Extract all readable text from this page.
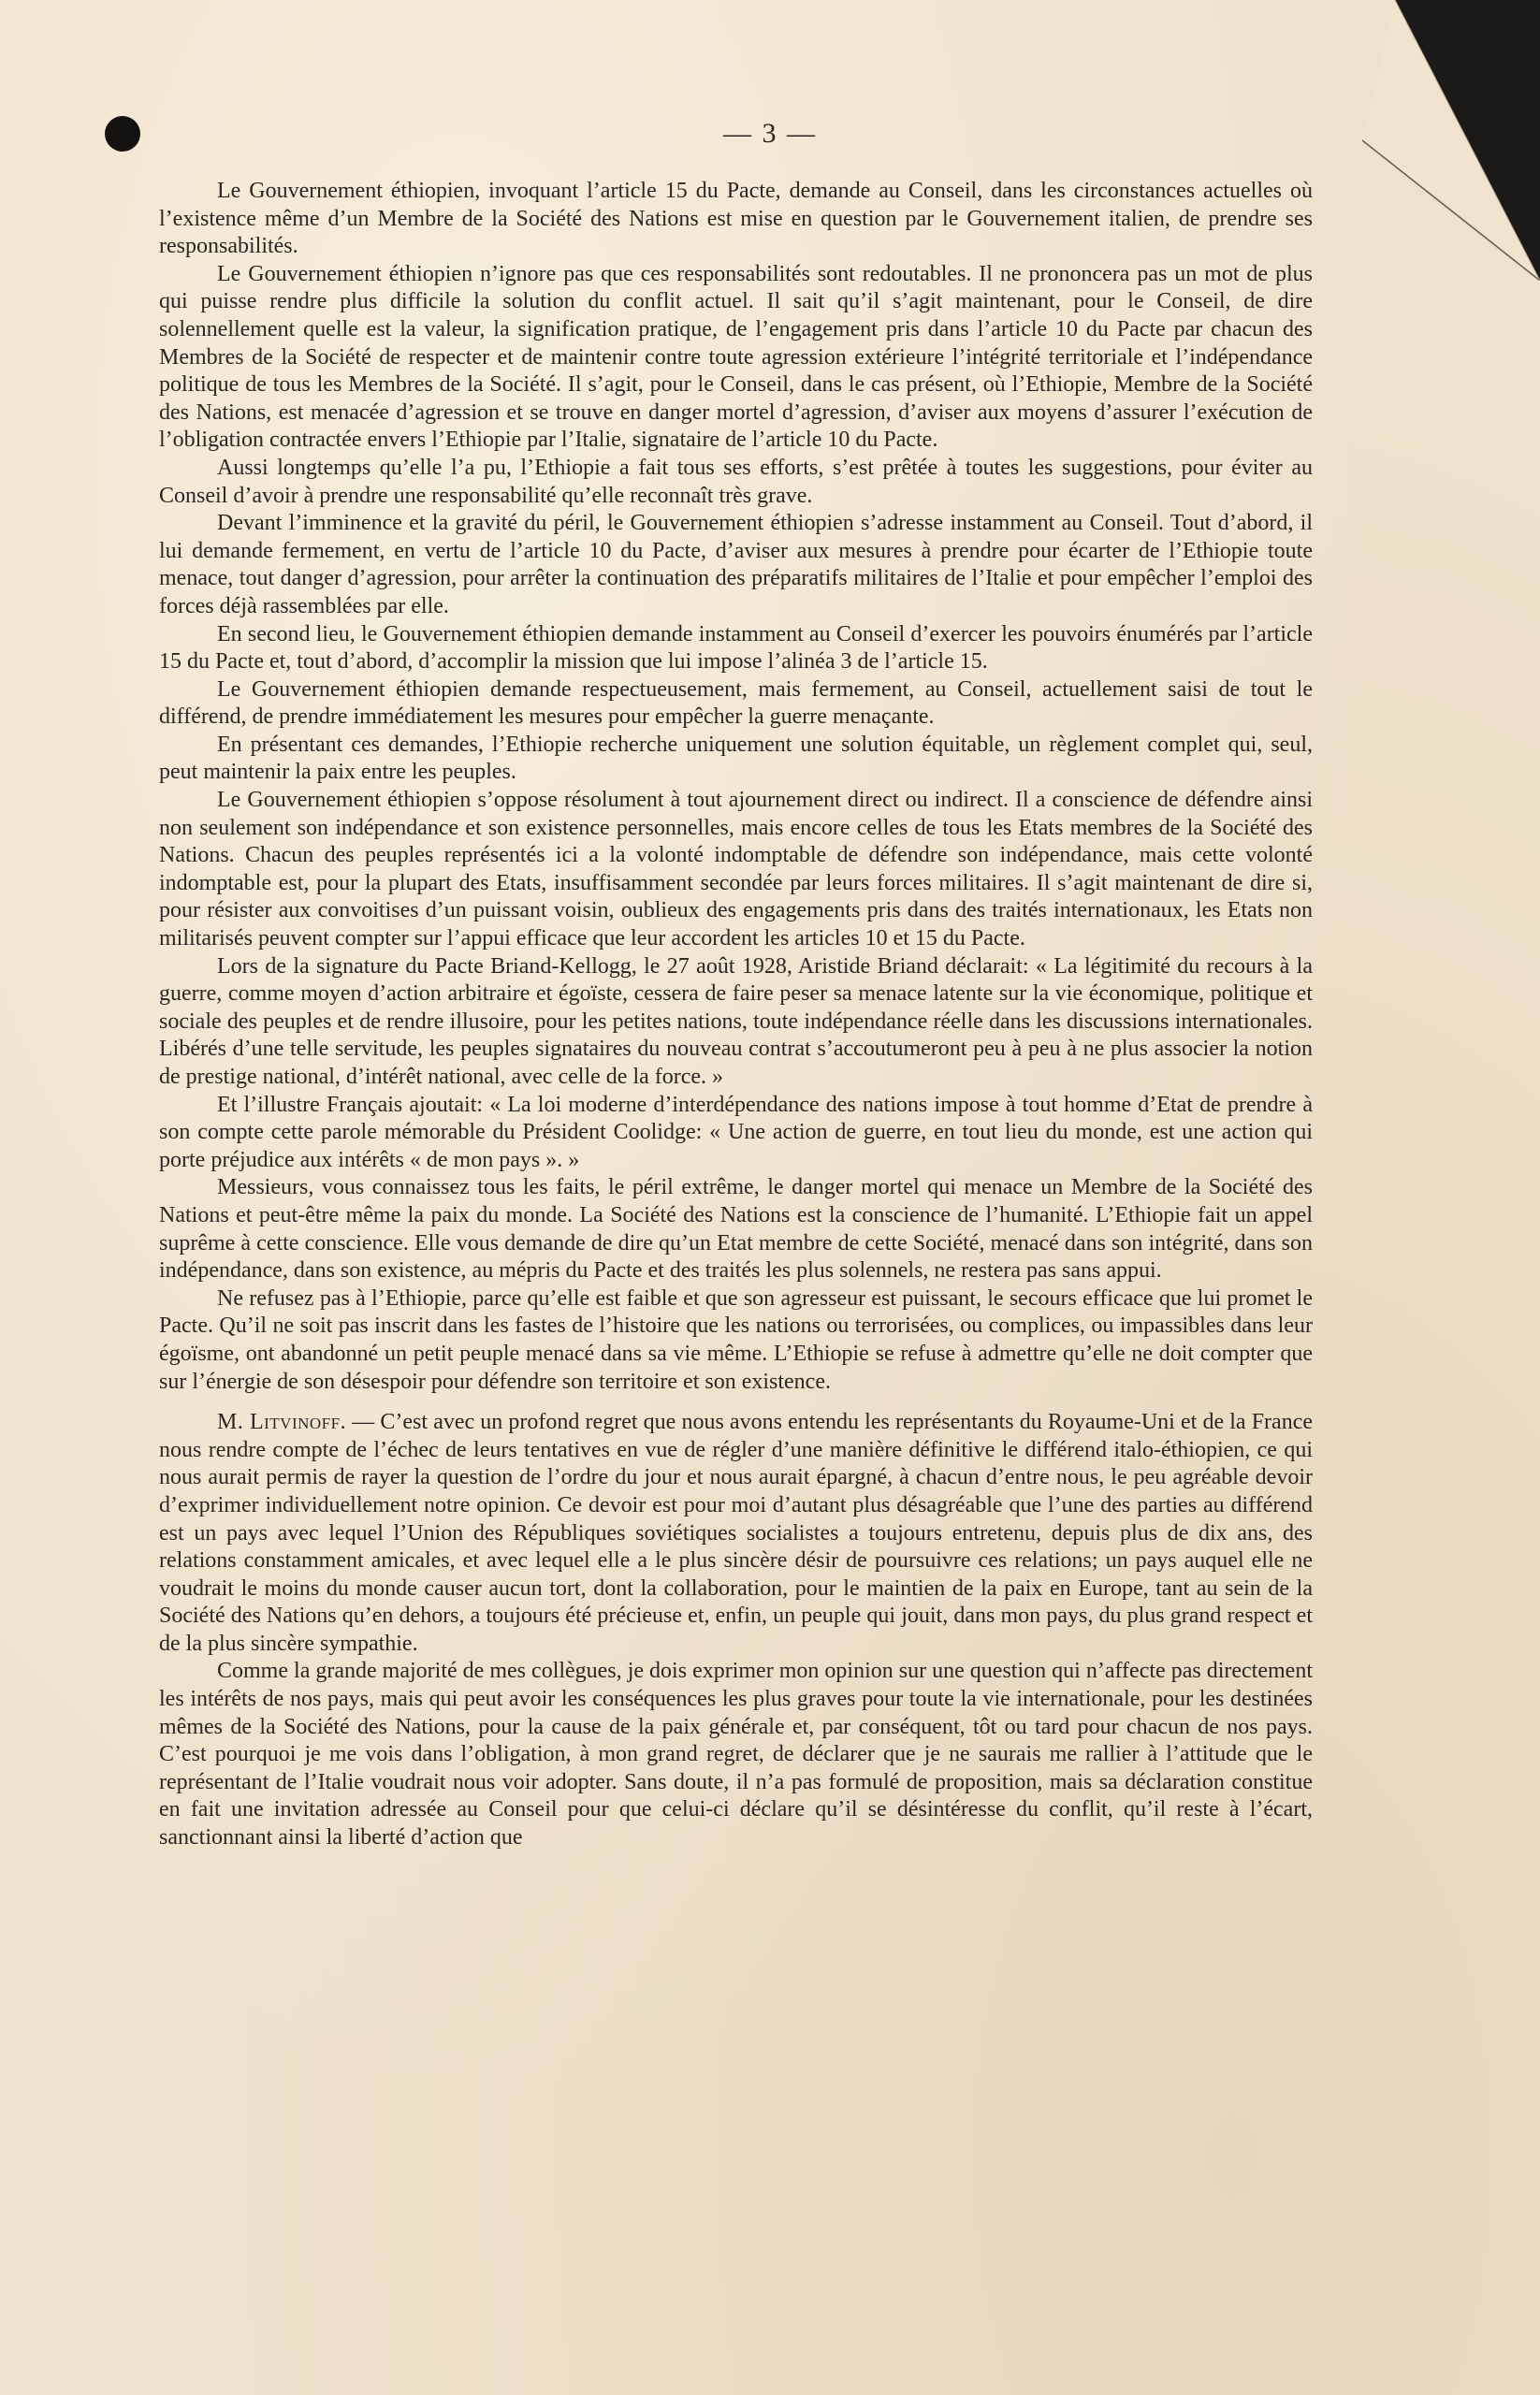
— 3 —

Le Gouvernement éthiopien, invoquant l’article 15 du Pacte, demande au Conseil, dans les circonstances actuelles où l’existence même d’un Membre de la Société des Nations est mise en question par le Gouvernement italien, de prendre ses responsabilités.

Le Gouvernement éthiopien n’ignore pas que ces responsabilités sont redoutables. Il ne prononcera pas un mot de plus qui puisse rendre plus difficile la solution du conflit actuel. Il sait qu’il s’agit maintenant, pour le Conseil, de dire solennellement quelle est la valeur, la signification pratique, de l’engagement pris dans l’article 10 du Pacte par chacun des Membres de la Société de respecter et de maintenir contre toute agression extérieure l’intégrité territoriale et l’indépendance politique de tous les Membres de la Société. Il s’agit, pour le Conseil, dans le cas présent, où l’Ethiopie, Membre de la Société des Nations, est menacée d’agression et se trouve en danger mortel d’agression, d’aviser aux moyens d’assurer l’exécution de l’obligation contractée envers l’Ethiopie par l’Italie, signataire de l’article 10 du Pacte.

Aussi longtemps qu’elle l’a pu, l’Ethiopie a fait tous ses efforts, s’est prêtée à toutes les suggestions, pour éviter au Conseil d’avoir à prendre une responsabilité qu’elle reconnaît très grave.

Devant l’imminence et la gravité du péril, le Gouvernement éthiopien s’adresse instamment au Conseil. Tout d’abord, il lui demande fermement, en vertu de l’article 10 du Pacte, d’aviser aux mesures à prendre pour écarter de l’Ethiopie toute menace, tout danger d’agression, pour arrêter la continuation des préparatifs militaires de l’Italie et pour empêcher l’emploi des forces déjà rassemblées par elle.

En second lieu, le Gouvernement éthiopien demande instamment au Conseil d’exercer les pouvoirs énumérés par l’article 15 du Pacte et, tout d’abord, d’accomplir la mission que lui impose l’alinéa 3 de l’article 15.

Le Gouvernement éthiopien demande respectueusement, mais fermement, au Conseil, actuellement saisi de tout le différend, de prendre immédiatement les mesures pour empêcher la guerre menaçante.

En présentant ces demandes, l’Ethiopie recherche uniquement une solution équitable, un règlement complet qui, seul, peut maintenir la paix entre les peuples.

Le Gouvernement éthiopien s’oppose résolument à tout ajournement direct ou indirect. Il a conscience de défendre ainsi non seulement son indépendance et son existence personnelles, mais encore celles de tous les Etats membres de la Société des Nations. Chacun des peuples représentés ici a la volonté indomptable de défendre son indépendance, mais cette volonté indomptable est, pour la plupart des Etats, insuffisamment secondée par leurs forces militaires. Il s’agit maintenant de dire si, pour résister aux convoitises d’un puissant voisin, oublieux des engagements pris dans des traités internationaux, les Etats non militarisés peuvent compter sur l’appui efficace que leur accordent les articles 10 et 15 du Pacte.

Lors de la signature du Pacte Briand-Kellogg, le 27 août 1928, Aristide Briand déclarait: « La légitimité du recours à la guerre, comme moyen d’action arbitraire et égoïste, cessera de faire peser sa menace latente sur la vie économique, politique et sociale des peuples et de rendre illusoire, pour les petites nations, toute indépendance réelle dans les discussions internationales. Libérés d’une telle servitude, les peuples signataires du nouveau contrat s’accoutumeront peu à peu à ne plus associer la notion de prestige national, d’intérêt national, avec celle de la force. »

Et l’illustre Français ajoutait: « La loi moderne d’interdépendance des nations impose à tout homme d’Etat de prendre à son compte cette parole mémorable du Président Coolidge: « Une action de guerre, en tout lieu du monde, est une action qui porte préjudice aux intérêts « de mon pays ». »

Messieurs, vous connaissez tous les faits, le péril extrême, le danger mortel qui menace un Membre de la Société des Nations et peut-être même la paix du monde. La Société des Nations est la conscience de l’humanité. L’Ethiopie fait un appel suprême à cette conscience. Elle vous demande de dire qu’un Etat membre de cette Société, menacé dans son intégrité, dans son indépendance, dans son existence, au mépris du Pacte et des traités les plus solennels, ne restera pas sans appui.

Ne refusez pas à l’Ethiopie, parce qu’elle est faible et que son agresseur est puissant, le secours efficace que lui promet le Pacte. Qu’il ne soit pas inscrit dans les fastes de l’histoire que les nations ou terrorisées, ou complices, ou impassibles dans leur égoïsme, ont abandonné un petit peuple menacé dans sa vie même. L’Ethiopie se refuse à admettre qu’elle ne doit compter que sur l’énergie de son désespoir pour défendre son territoire et son existence.

M. Litvinoff. — C’est avec un profond regret que nous avons entendu les représentants du Royaume-Uni et de la France nous rendre compte de l’échec de leurs tentatives en vue de régler d’une manière définitive le différend italo-éthiopien, ce qui nous aurait permis de rayer la question de l’ordre du jour et nous aurait épargné, à chacun d’entre nous, le peu agréable devoir d’exprimer individuellement notre opinion. Ce devoir est pour moi d’autant plus désagréable que l’une des parties au différend est un pays avec lequel l’Union des Républiques soviétiques socialistes a toujours entretenu, depuis plus de dix ans, des relations constamment amicales, et avec lequel elle a le plus sincère désir de poursuivre ces relations; un pays auquel elle ne voudrait le moins du monde causer aucun tort, dont la collaboration, pour le maintien de la paix en Europe, tant au sein de la Société des Nations qu’en dehors, a toujours été précieuse et, enfin, un peuple qui jouit, dans mon pays, du plus grand respect et de la plus sincère sympathie.

Comme la grande majorité de mes collègues, je dois exprimer mon opinion sur une question qui n’affecte pas directement les intérêts de nos pays, mais qui peut avoir les conséquences les plus graves pour toute la vie internationale, pour les destinées mêmes de la Société des Nations, pour la cause de la paix générale et, par conséquent, tôt ou tard pour chacun de nos pays. C’est pourquoi je me vois dans l’obligation, à mon grand regret, de déclarer que je ne saurais me rallier à l’attitude que le représentant de l’Italie voudrait nous voir adopter. Sans doute, il n’a pas formulé de proposition, mais sa déclaration constitue en fait une invitation adressée au Conseil pour que celui-ci déclare qu’il se désintéresse du conflit, qu’il reste à l’écart, sanctionnant ainsi la liberté d’action que
